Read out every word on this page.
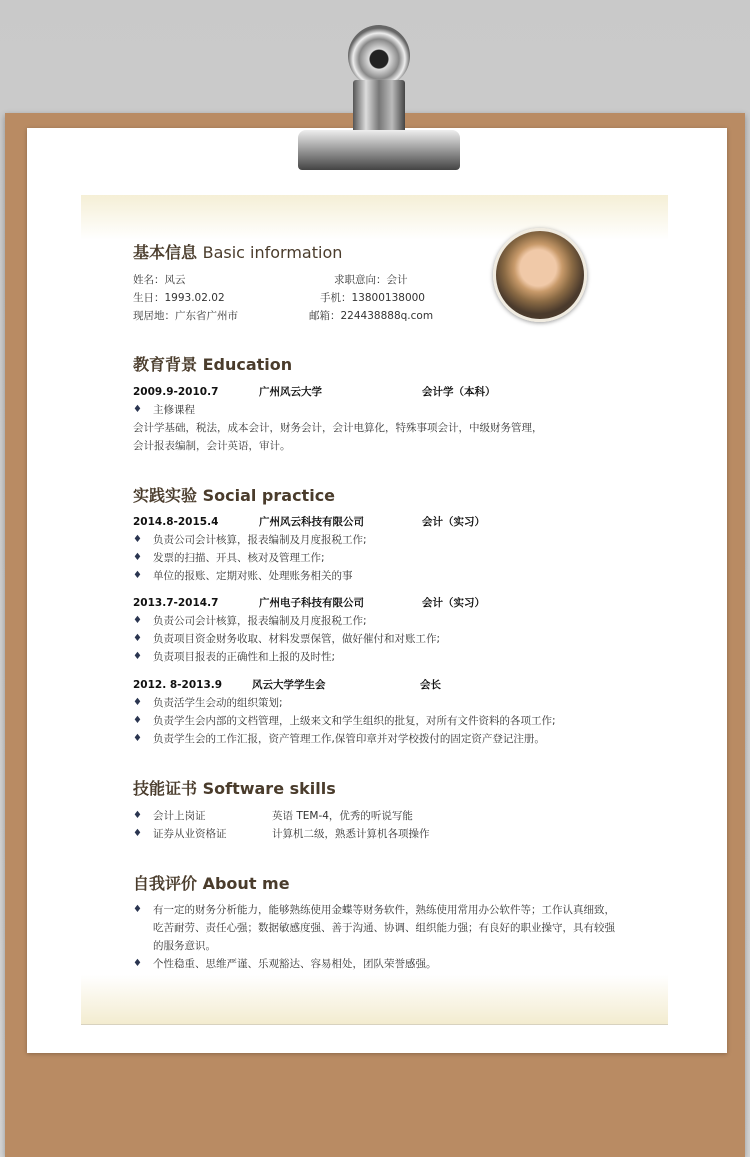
基本信息 Basic information
姓名：风云	求职意向：会计
生日：1993.02.02	手机：13800138000
现居地：广东省广州市	邮箱：224438888q.com
教育背景 Education
2009.9-2010.7	广州风云大学	会计学（本科）
♦ 主修课程
会计学基础，税法，成本会计，财务会计，会计电算化，特殊事项会计，中级财务管理，
会计报表编制，会计英语，审计。
实践实验 Social practice
2014.8-2015.4	广州风云科技有限公司	会计（实习）
♦ 负责公司会计核算，报表编制及月度报税工作;
♦ 发票的扫描、开具、核对及管理工作;
♦ 单位的报账、定期对账、处理账务相关的事
2013.7-2014.7	广州电子科技有限公司	会计（实习）
♦ 负责公司会计核算，报表编制及月度报税工作;
♦ 负责项目资金财务收取、材料发票保管，做好催付和对账工作;
♦ 负责项目报表的正确性和上报的及时性;
2012. 8-2013.9	风云大学学生会	会长
♦ 负责活学生会动的组织策划;
♦ 负责学生会内部的文档管理，上级来文和学生组织的批复，对所有文件资料的各项工作;
♦ 负责学生会的工作汇报，资产管理工作,保管印章并对学校拨付的固定资产登记注册。
技能证书 Software skills
♦ 会计上岗证	英语 TEM-4，优秀的听说写能
♦ 证券从业资格证	计算机二级，熟悉计算机各项操作
自我评价 About me
♦ 有一定的财务分析能力，能够熟练使用金蝶等财务软件，熟练使用常用办公软件等；工作认真细致，
吃苦耐劳、责任心强；数据敏感度强、善于沟通、协调、组织能力强；有良好的职业操守，具有较强
的服务意识。
♦ 个性稳重、思维严谨、乐观豁达、容易相处，团队荣誉感强。
